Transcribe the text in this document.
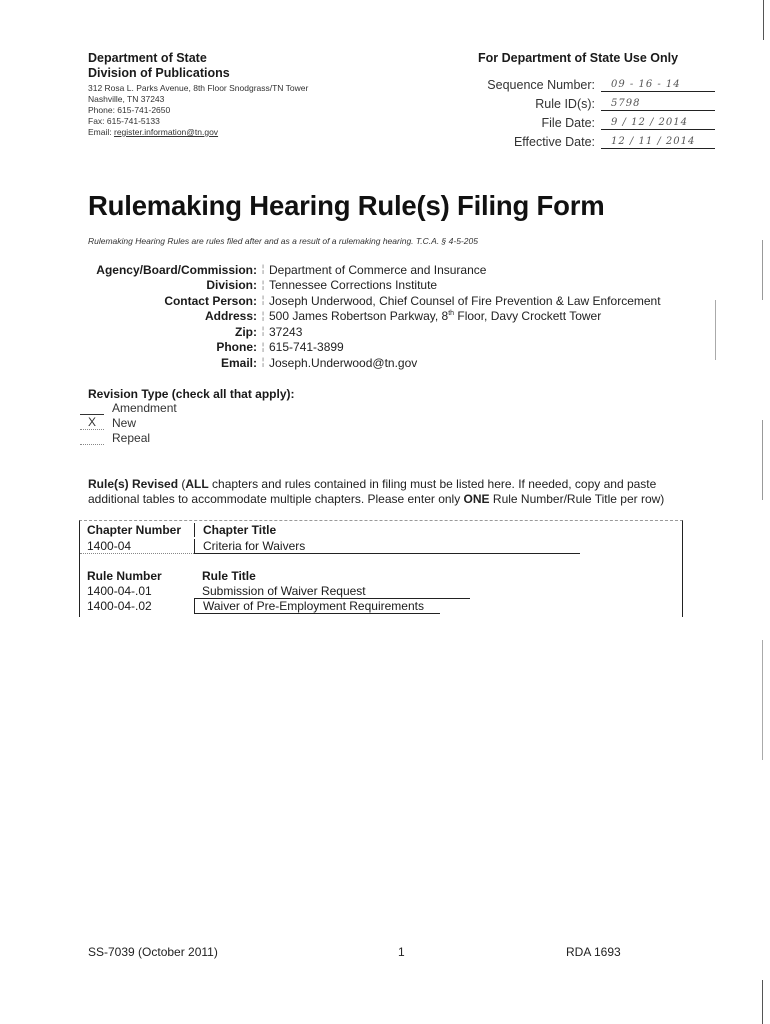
Department of State
Division of Publications
312 Rosa L. Parks Avenue, 8th Floor Snodgrass/TN Tower
Nashville, TN 37243
Phone: 615-741-2650
Fax: 615-741-5133
Email: register.information@tn.gov
For Department of State Use Only
Sequence Number:	09 - 16 - 14
Rule ID(s):	5798
File Date:	9 / 12 / 2014
Effective Date:	12 / 11 / 2014
Rulemaking Hearing Rule(s) Filing Form
Rulemaking Hearing Rules are rules filed after and as a result of a rulemaking hearing. T.C.A. § 4-5-205
Agency/Board/Commission: ¦ Department of Commerce and Insurance
Division: ¦ Tennessee Corrections Institute
Contact Person: ¦ Joseph Underwood, Chief Counsel of Fire Prevention & Law Enforcement
Address: ¦ 500 James Robertson Parkway, 8th Floor, Davy Crockett Tower
Zip: ¦ 37243
Phone: ¦ 615-741-3899
Email: ¦ Joseph.Underwood@tn.gov
Revision Type (check all that apply):
Amendment
X	New
Repeal
Rule(s) Revised (ALL chapters and rules contained in filing must be listed here. If needed, copy and paste additional tables to accommodate multiple chapters. Please enter only ONE Rule Number/Rule Title per row)
Chapter Number	Chapter Title
1400-04	Criteria for Waivers
Rule Number	Rule Title
1400-04-.01	Submission of Waiver Request
1400-04-.02	Waiver of Pre-Employment Requirements
SS-7039 (October 2011)	1	RDA 1693
